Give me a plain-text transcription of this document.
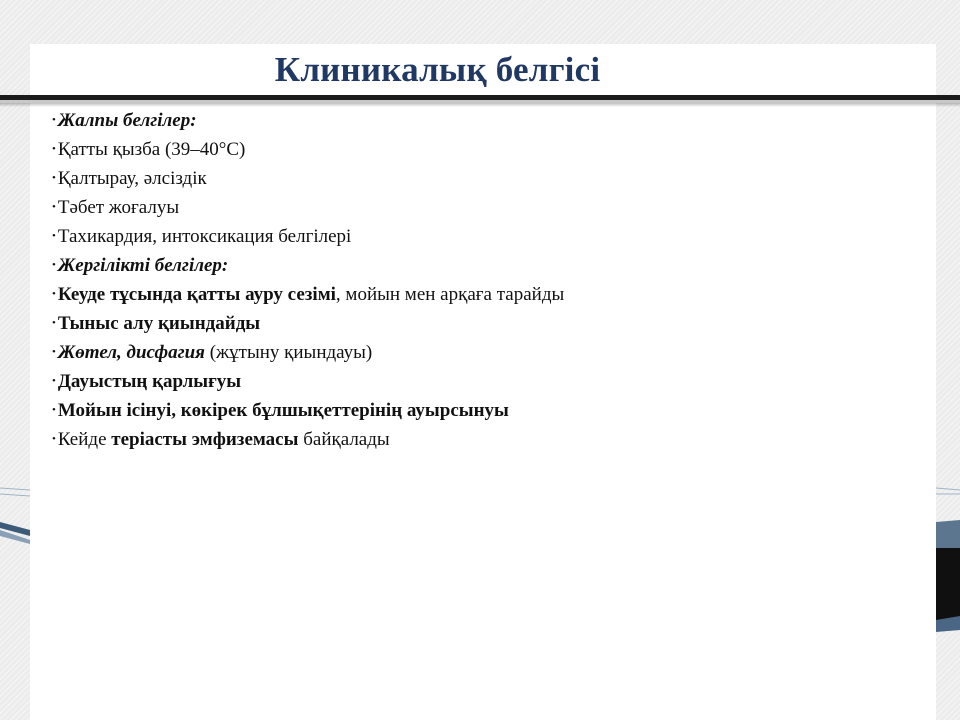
Клиникалық белгісі
• Жалпы белгілер:
• Қатты қызба (39–40°С)
• Қалтырау, әлсіздік
• Тәбет жоғалуы
• Тахикардия, интоксикация белгілері
• Жергілікті белгілер:
• Кеуде тұсында қатты ауру сезімі, мойын мен арқаға тарайды
• Тыныс алу қиындайды
• Жөтел, дисфагия (жұтыну қиындауы)
• Дауыстың қарлығуы
• Мойын ісінуі, көкірек бұлшықеттерінің ауырсынуы
• Кейде теріасты эмфиземасы байқалады
